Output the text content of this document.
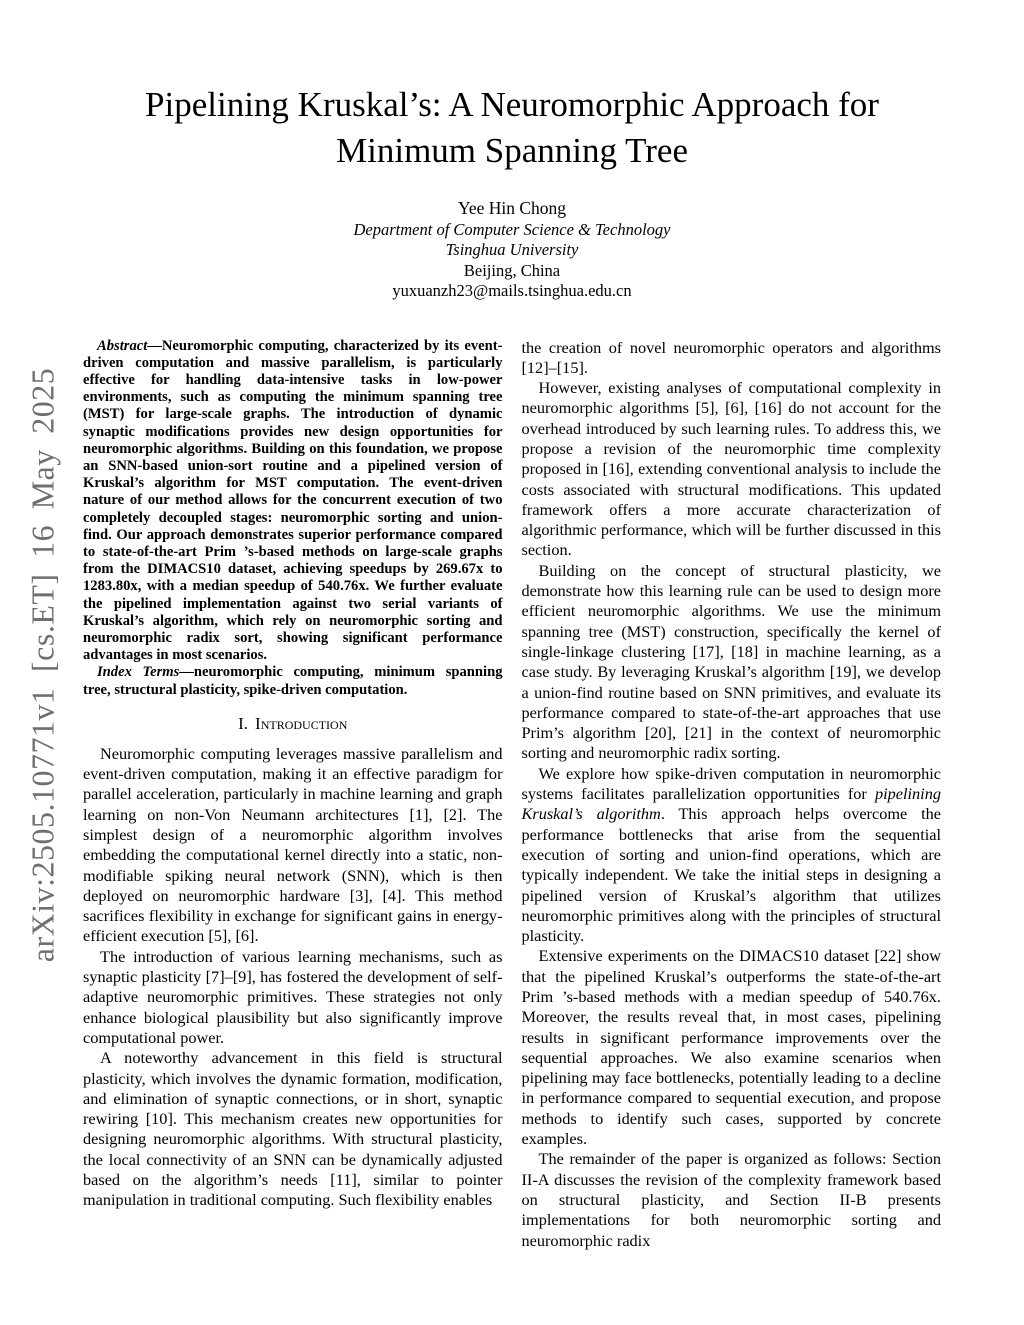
arXiv:2505.10771v1 [cs.ET] 16 May 2025
Pipelining Kruskal’s: A Neuromorphic Approach for Minimum Spanning Tree
Yee Hin Chong
Department of Computer Science & Technology
Tsinghua University
Beijing, China
yuxuanzh23@mails.tsinghua.edu.cn

Abstract—Neuromorphic computing, characterized by its event-driven computation and massive parallelism, is particularly effective for handling data-intensive tasks in low-power environments, such as computing the minimum spanning tree (MST) for large-scale graphs. The introduction of dynamic synaptic modifications provides new design opportunities for neuromorphic algorithms. Building on this foundation, we propose an SNN-based union-sort routine and a pipelined version of Kruskal’s algorithm for MST computation. The event-driven nature of our method allows for the concurrent execution of two completely decoupled stages: neuromorphic sorting and union-find. Our approach demonstrates superior performance compared to state-of-the-art Prim ’s-based methods on large-scale graphs from the DIMACS10 dataset, achieving speedups by 269.67x to 1283.80x, with a median speedup of 540.76x. We further evaluate the pipelined implementation against two serial variants of Kruskal’s algorithm, which rely on neuromorphic sorting and neuromorphic radix sort, showing significant performance advantages in most scenarios.

Index Terms—neuromorphic computing, minimum spanning tree, structural plasticity, spike-driven computation.

I. Introduction

Neuromorphic computing leverages massive parallelism and event-driven computation, making it an effective paradigm for parallel acceleration, particularly in machine learning and graph learning on non-Von Neumann architectures [1], [2]. The simplest design of a neuromorphic algorithm involves embedding the computational kernel directly into a static, non-modifiable spiking neural network (SNN), which is then deployed on neuromorphic hardware [3], [4]. This method sacrifices flexibility in exchange for significant gains in energy-efficient execution [5], [6].

The introduction of various learning mechanisms, such as synaptic plasticity [7]–[9], has fostered the development of self-adaptive neuromorphic primitives. These strategies not only enhance biological plausibility but also significantly improve computational power.

A noteworthy advancement in this field is structural plasticity, which involves the dynamic formation, modification, and elimination of synaptic connections, or in short, synaptic rewiring [10]. This mechanism creates new opportunities for designing neuromorphic algorithms. With structural plasticity, the local connectivity of an SNN can be dynamically adjusted based on the algorithm’s needs [11], similar to pointer manipulation in traditional computing. Such flexibility enables

the creation of novel neuromorphic operators and algorithms [12]–[15].

However, existing analyses of computational complexity in neuromorphic algorithms [5], [6], [16] do not account for the overhead introduced by such learning rules. To address this, we propose a revision of the neuromorphic time complexity proposed in [16], extending conventional analysis to include the costs associated with structural modifications. This updated framework offers a more accurate characterization of algorithmic performance, which will be further discussed in this section.

Building on the concept of structural plasticity, we demonstrate how this learning rule can be used to design more efficient neuromorphic algorithms. We use the minimum spanning tree (MST) construction, specifically the kernel of single-linkage clustering [17], [18] in machine learning, as a case study. By leveraging Kruskal’s algorithm [19], we develop a union-find routine based on SNN primitives, and evaluate its performance compared to state-of-the-art approaches that use Prim’s algorithm [20], [21] in the context of neuromorphic sorting and neuromorphic radix sorting.

We explore how spike-driven computation in neuromorphic systems facilitates parallelization opportunities for pipelining Kruskal’s algorithm. This approach helps overcome the performance bottlenecks that arise from the sequential execution of sorting and union-find operations, which are typically independent. We take the initial steps in designing a pipelined version of Kruskal’s algorithm that utilizes neuromorphic primitives along with the principles of structural plasticity.

Extensive experiments on the DIMACS10 dataset [22] show that the pipelined Kruskal’s outperforms the state-of-the-art Prim ’s-based methods with a median speedup of 540.76x. Moreover, the results reveal that, in most cases, pipelining results in significant performance improvements over the sequential approaches. We also examine scenarios when pipelining may face bottlenecks, potentially leading to a decline in performance compared to sequential execution, and propose methods to identify such cases, supported by concrete examples.

The remainder of the paper is organized as follows: Section II-A discusses the revision of the complexity framework based on structural plasticity, and Section II-B presents implementations for both neuromorphic sorting and neuromorphic radix
